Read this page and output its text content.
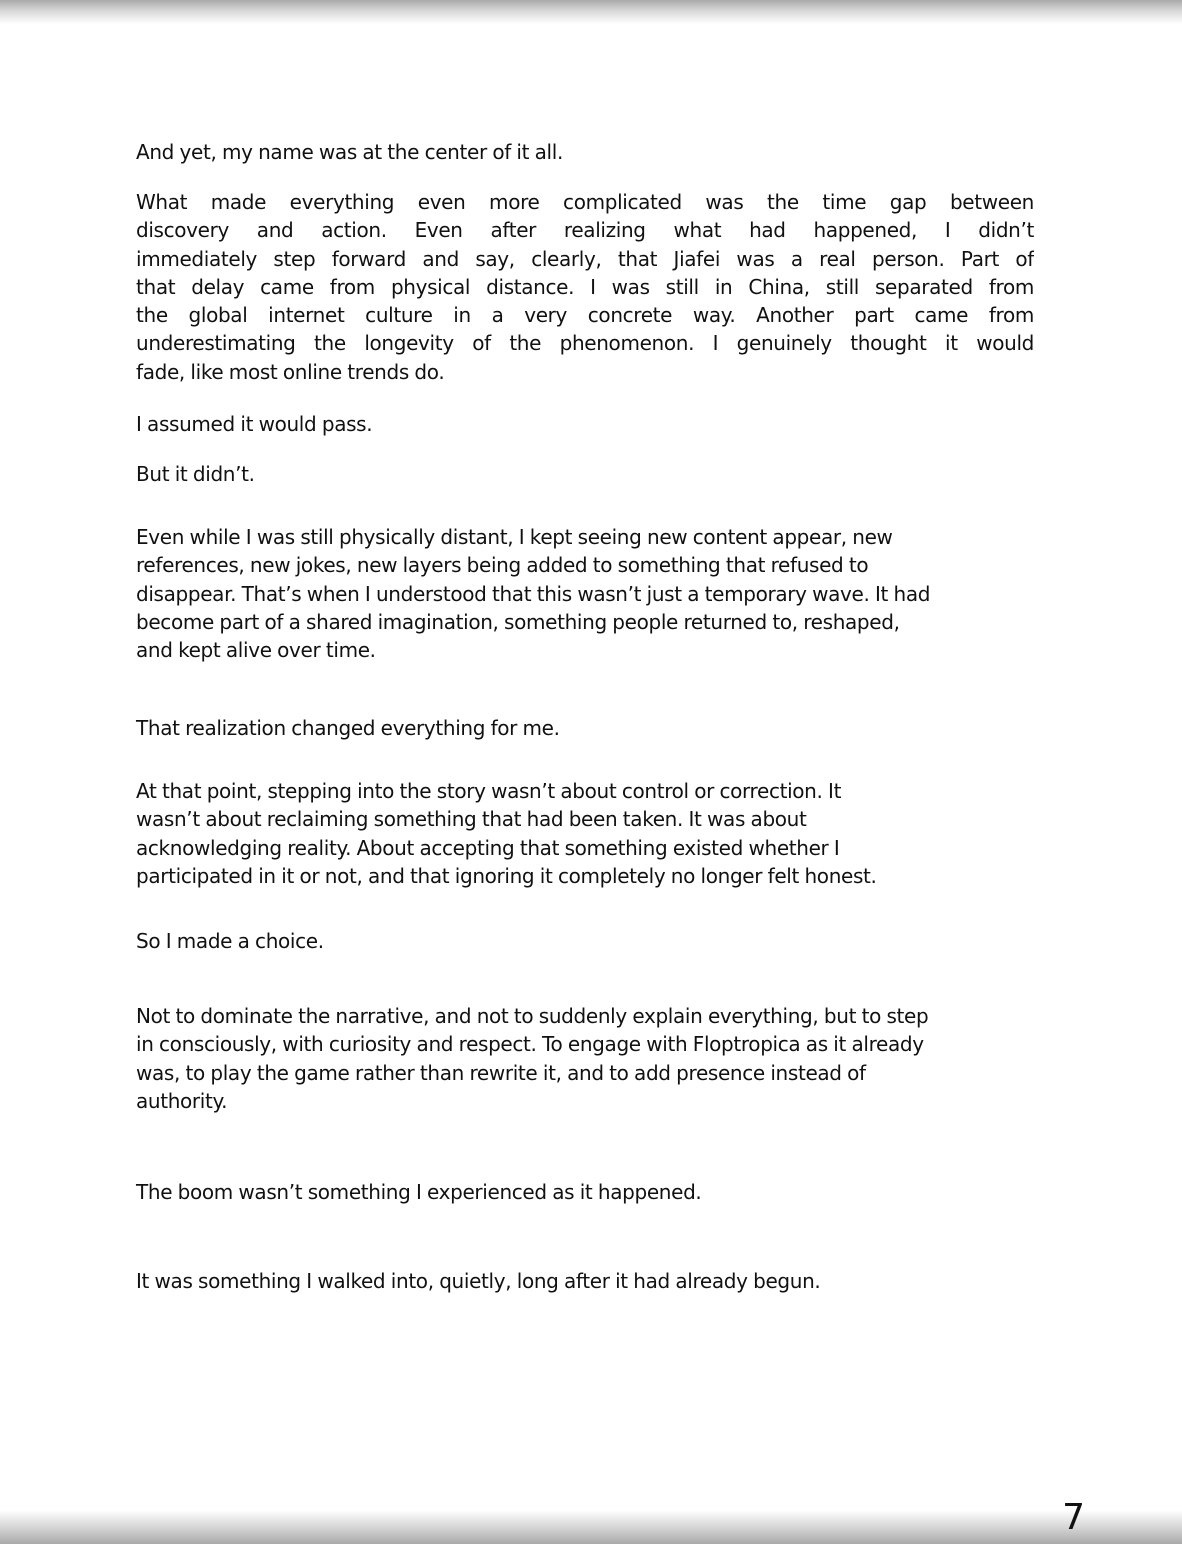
And yet, my name was at the center of it all.

What made everything even more complicated was the time gap between
discovery and action. Even after realizing what had happened, I didn’t
immediately step forward and say, clearly, that Jiafei was a real person. Part of
that delay came from physical distance. I was still in China, still separated from
the global internet culture in a very concrete way. Another part came from
underestimating the longevity of the phenomenon. I genuinely thought it would
fade, like most online trends do.

I assumed it would pass.

But it didn’t.

Even while I was still physically distant, I kept seeing new content appear, new
references, new jokes, new layers being added to something that refused to
disappear. That’s when I understood that this wasn’t just a temporary wave. It had
become part of a shared imagination, something people returned to, reshaped,
and kept alive over time.

That realization changed everything for me.

At that point, stepping into the story wasn’t about control or correction. It
wasn’t about reclaiming something that had been taken. It was about
acknowledging reality. About accepting that something existed whether I
participated in it or not, and that ignoring it completely no longer felt honest.

So I made a choice.

Not to dominate the narrative, and not to suddenly explain everything, but to step
in consciously, with curiosity and respect. To engage with Floptropica as it already
was, to play the game rather than rewrite it, and to add presence instead of
authority.

The boom wasn’t something I experienced as it happened.

It was something I walked into, quietly, long after it had already begun.

7
